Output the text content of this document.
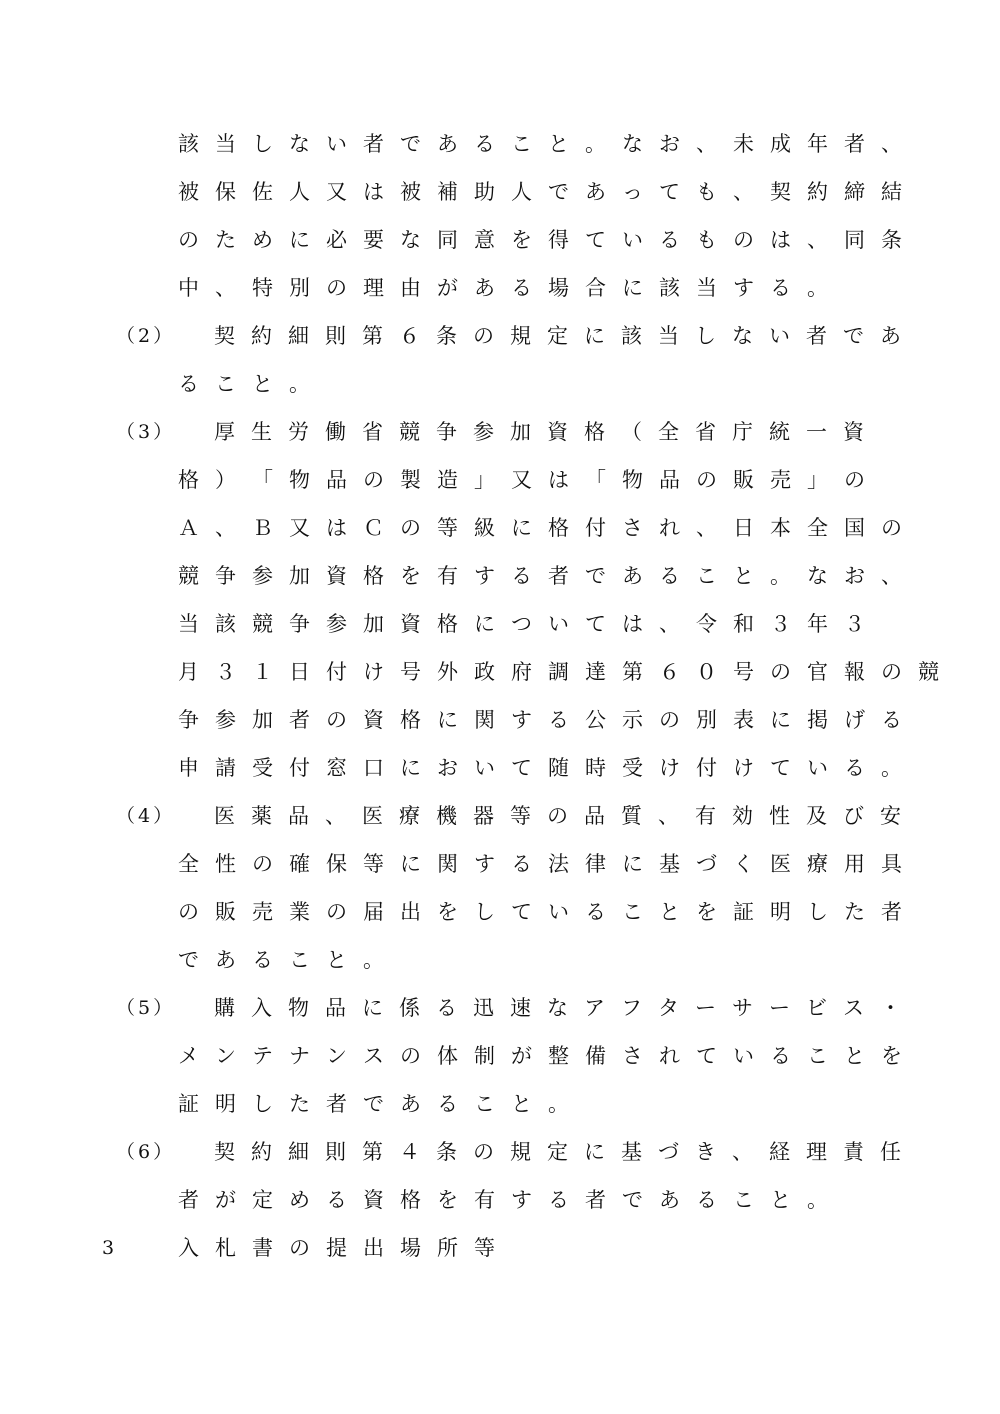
該 当 し な い 者 で あ る こ と 。 な お 、 未 成 年 者 、
被 保 佐 人 又 は 被 補 助 人 で あ っ て も 、 契 約 締 結
の た め に 必 要 な 同 意 を 得 て い る も の は 、 同 条
中 、 特 別 の 理 由 が あ る 場 合 に 該 当 す る 。
（2）	契 約 細 則 第 ６ 条 の 規 定 に 該 当 し な い 者 で あ
る こ と 。
（3）	厚 生 労 働 省 競 争 参 加 資 格 （ 全 省 庁 統 一 資
格 ） 「 物 品 の 製 造 」 又 は 「 物 品 の 販 売 」 の
Ａ 、 Ｂ 又 は Ｃ の 等 級 に 格 付 さ れ 、 日 本 全 国 の
競 争 参 加 資 格 を 有 す る 者 で あ る こ と 。 な お 、
当 該 競 争 参 加 資 格 に つ い て は 、 令 和 ３ 年 ３
月 ３ １ 日 付 け 号 外 政 府 調 達 第 ６ ０ 号 の 官 報 の 競
争 参 加 者 の 資 格 に 関 す る 公 示 の 別 表 に 掲 げ る
申 請 受 付 窓 口 に お い て 随 時 受 け 付 け て い る 。
（4）	医 薬 品 、 医 療 機 器 等 の 品 質 、 有 効 性 及 び 安
全 性 の 確 保 等 に 関 す る 法 律 に 基 づ く 医 療 用 具
の 販 売 業 の 届 出 を し て い る こ と を 証 明 し た 者
で あ る こ と 。
（5）	購 入 物 品 に 係 る 迅 速 な ア フ タ ー サ ー ビ ス ・
メ ン テ ナ ン ス の 体 制 が 整 備 さ れ て い る こ と を
証 明 し た 者 で あ る こ と 。
（6）	契 約 細 則 第 ４ 条 の 規 定 に 基 づ き 、 経 理 責 任
者 が 定 め る 資 格 を 有 す る 者 で あ る こ と 。
3	入 札 書 の 提 出 場 所 等
